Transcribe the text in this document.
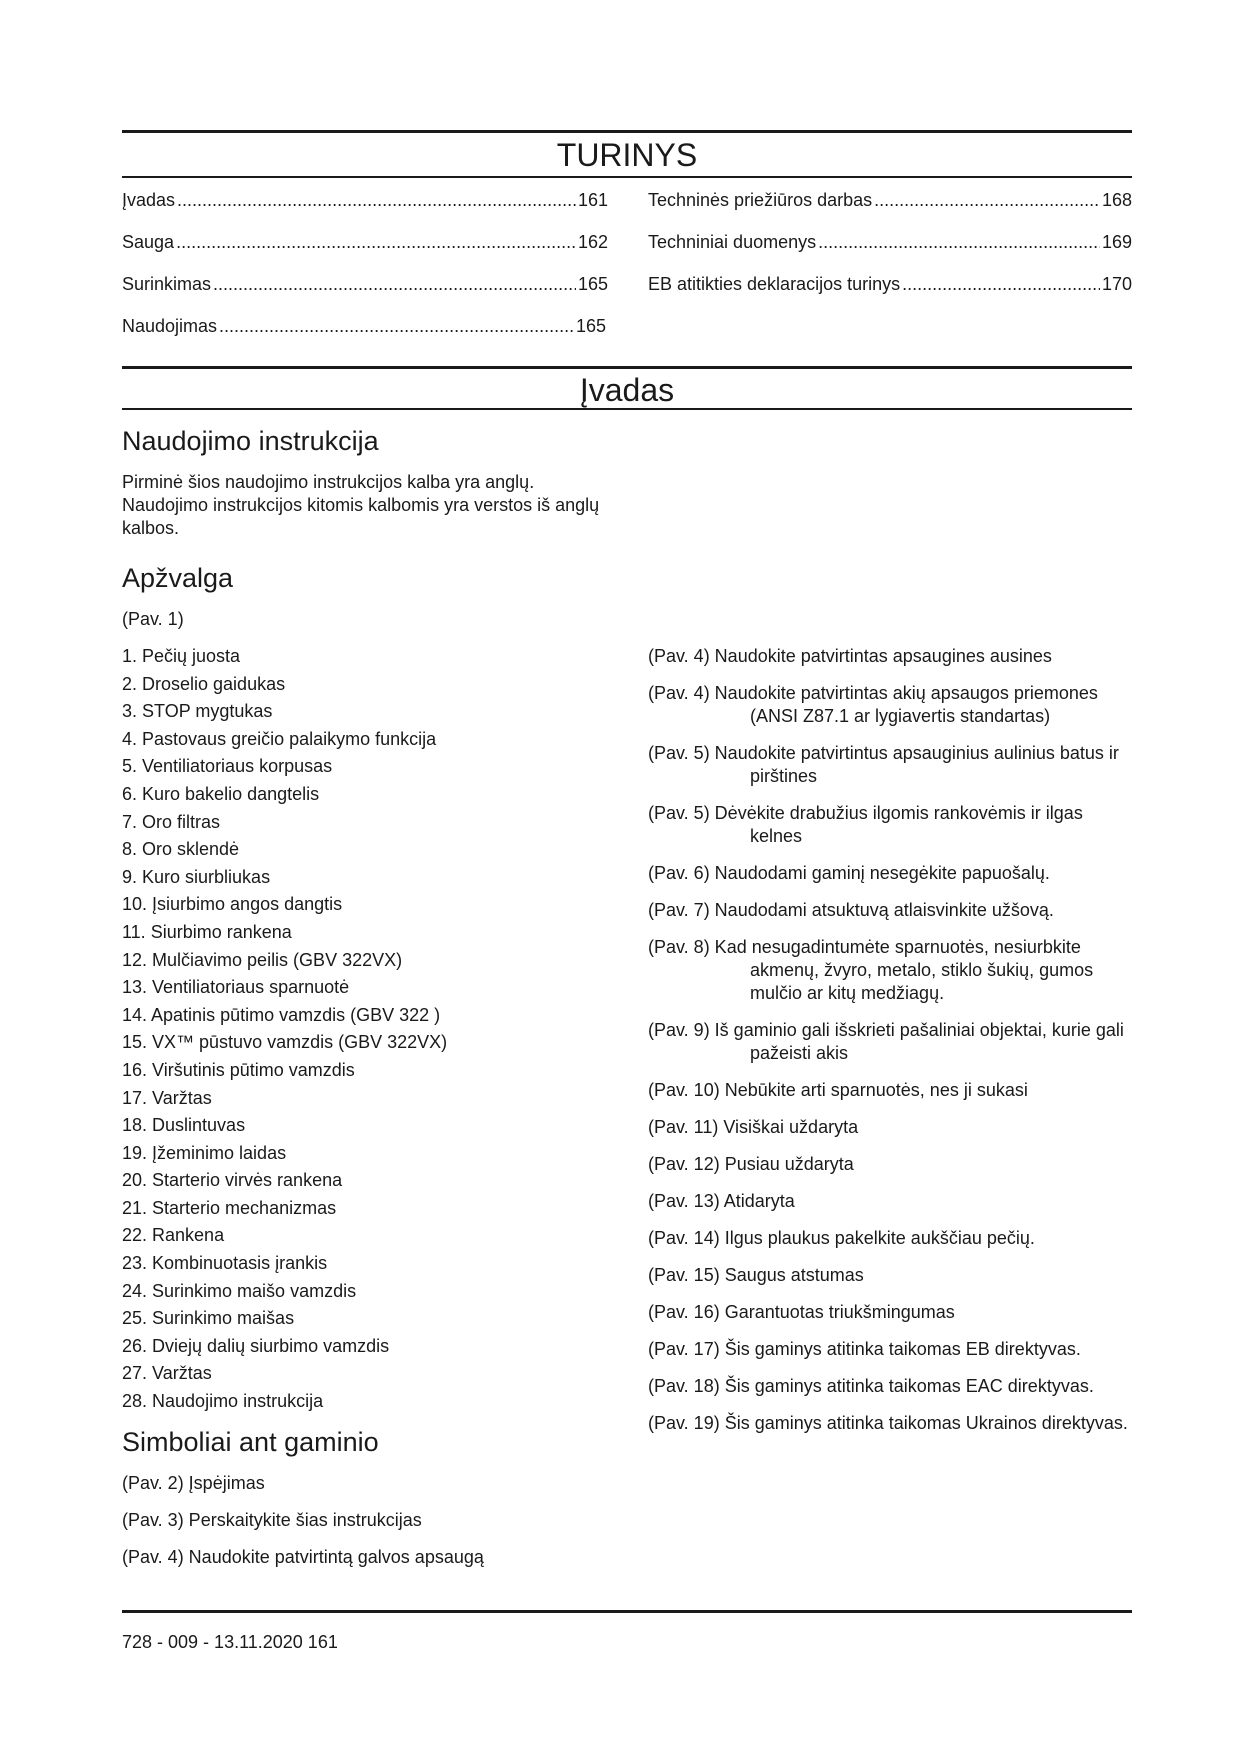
TURINYS
Įvadas .....	161
Sauga .....	162
Surinkimas .....	165
Naudojimas .....	165
Techninės priežiūros darbas .....	168
Techniniai duomenys .....	169
EB atitikties deklaracijos turinys .....	170
Įvadas
Naudojimo instrukcija

Pirminė šios naudojimo instrukcijos kalba yra anglų. Naudojimo instrukcijos kitomis kalbomis yra verstos iš anglų kalbos.

Apžvalga

(Pav. 1)

1. Pečių juosta
2. Droselio gaidukas
3. STOP mygtukas
4. Pastovaus greičio palaikymo funkcija
5. Ventiliatoriaus korpusas
6. Kuro bakelio dangtelis
7. Oro filtras
8. Oro sklendė
9. Kuro siurbliukas
10. Įsiurbimo angos dangtis
11. Siurbimo rankena
12. Mulčiavimo peilis (GBV 322VX)
13. Ventiliatoriaus sparnuotė
14. Apatinis pūtimo vamzdis (GBV 322 )
15. VX™ pūstuvo vamzdis (GBV 322VX)
16. Viršutinis pūtimo vamzdis
17. Varžtas
18. Duslintuvas
19. Įžeminimo laidas
20. Starterio virvės rankena
21. Starterio mechanizmas
22. Rankena
23. Kombinuotasis įrankis
24. Surinkimo maišo vamzdis
25. Surinkimo maišas
26. Dviejų dalių siurbimo vamzdis
27. Varžtas
28. Naudojimo instrukcija
Simboliai ant gaminio
(Pav. 2) Įspėjimas
(Pav. 3) Perskaitykite šias instrukcijas
(Pav. 4) Naudokite patvirtintą galvos apsaugą
(Pav. 4) Naudokite patvirtintas apsaugines ausines
(Pav. 4) Naudokite patvirtintas akių apsaugos priemones (ANSI Z87.1 ar lygiavertis standartas)
(Pav. 5) Naudokite patvirtintus apsauginius aulinius batus ir pirštines
(Pav. 5) Dėvėkite drabužius ilgomis rankovėmis ir ilgas kelnes
(Pav. 6) Naudodami gaminį nesegėkite papuošalų.
(Pav. 7) Naudodami atsuktuvą atlaisvinkite užšovą.
(Pav. 8) Kad nesugadintumėte sparnuotės, nesiurbkite akmenų, žvyro, metalo, stiklo šukių, gumos mulčio ar kitų medžiagų.
(Pav. 9) Iš gaminio gali išskrieti pašaliniai objektai, kurie gali pažeisti akis
(Pav. 10) Nebūkite arti sparnuotės, nes ji sukasi
(Pav. 11) Visiškai uždaryta
(Pav. 12) Pusiau uždaryta
(Pav. 13) Atidaryta
(Pav. 14) Ilgus plaukus pakelkite aukščiau pečių.
(Pav. 15) Saugus atstumas
(Pav. 16) Garantuotas triukšmingumas
(Pav. 17) Šis gaminys atitinka taikomas EB direktyvas.
(Pav. 18) Šis gaminys atitinka taikomas EAC direktyvas.
(Pav. 19) Šis gaminys atitinka taikomas Ukrainos direktyvas.
728 - 009 - 13.11.2020 161
